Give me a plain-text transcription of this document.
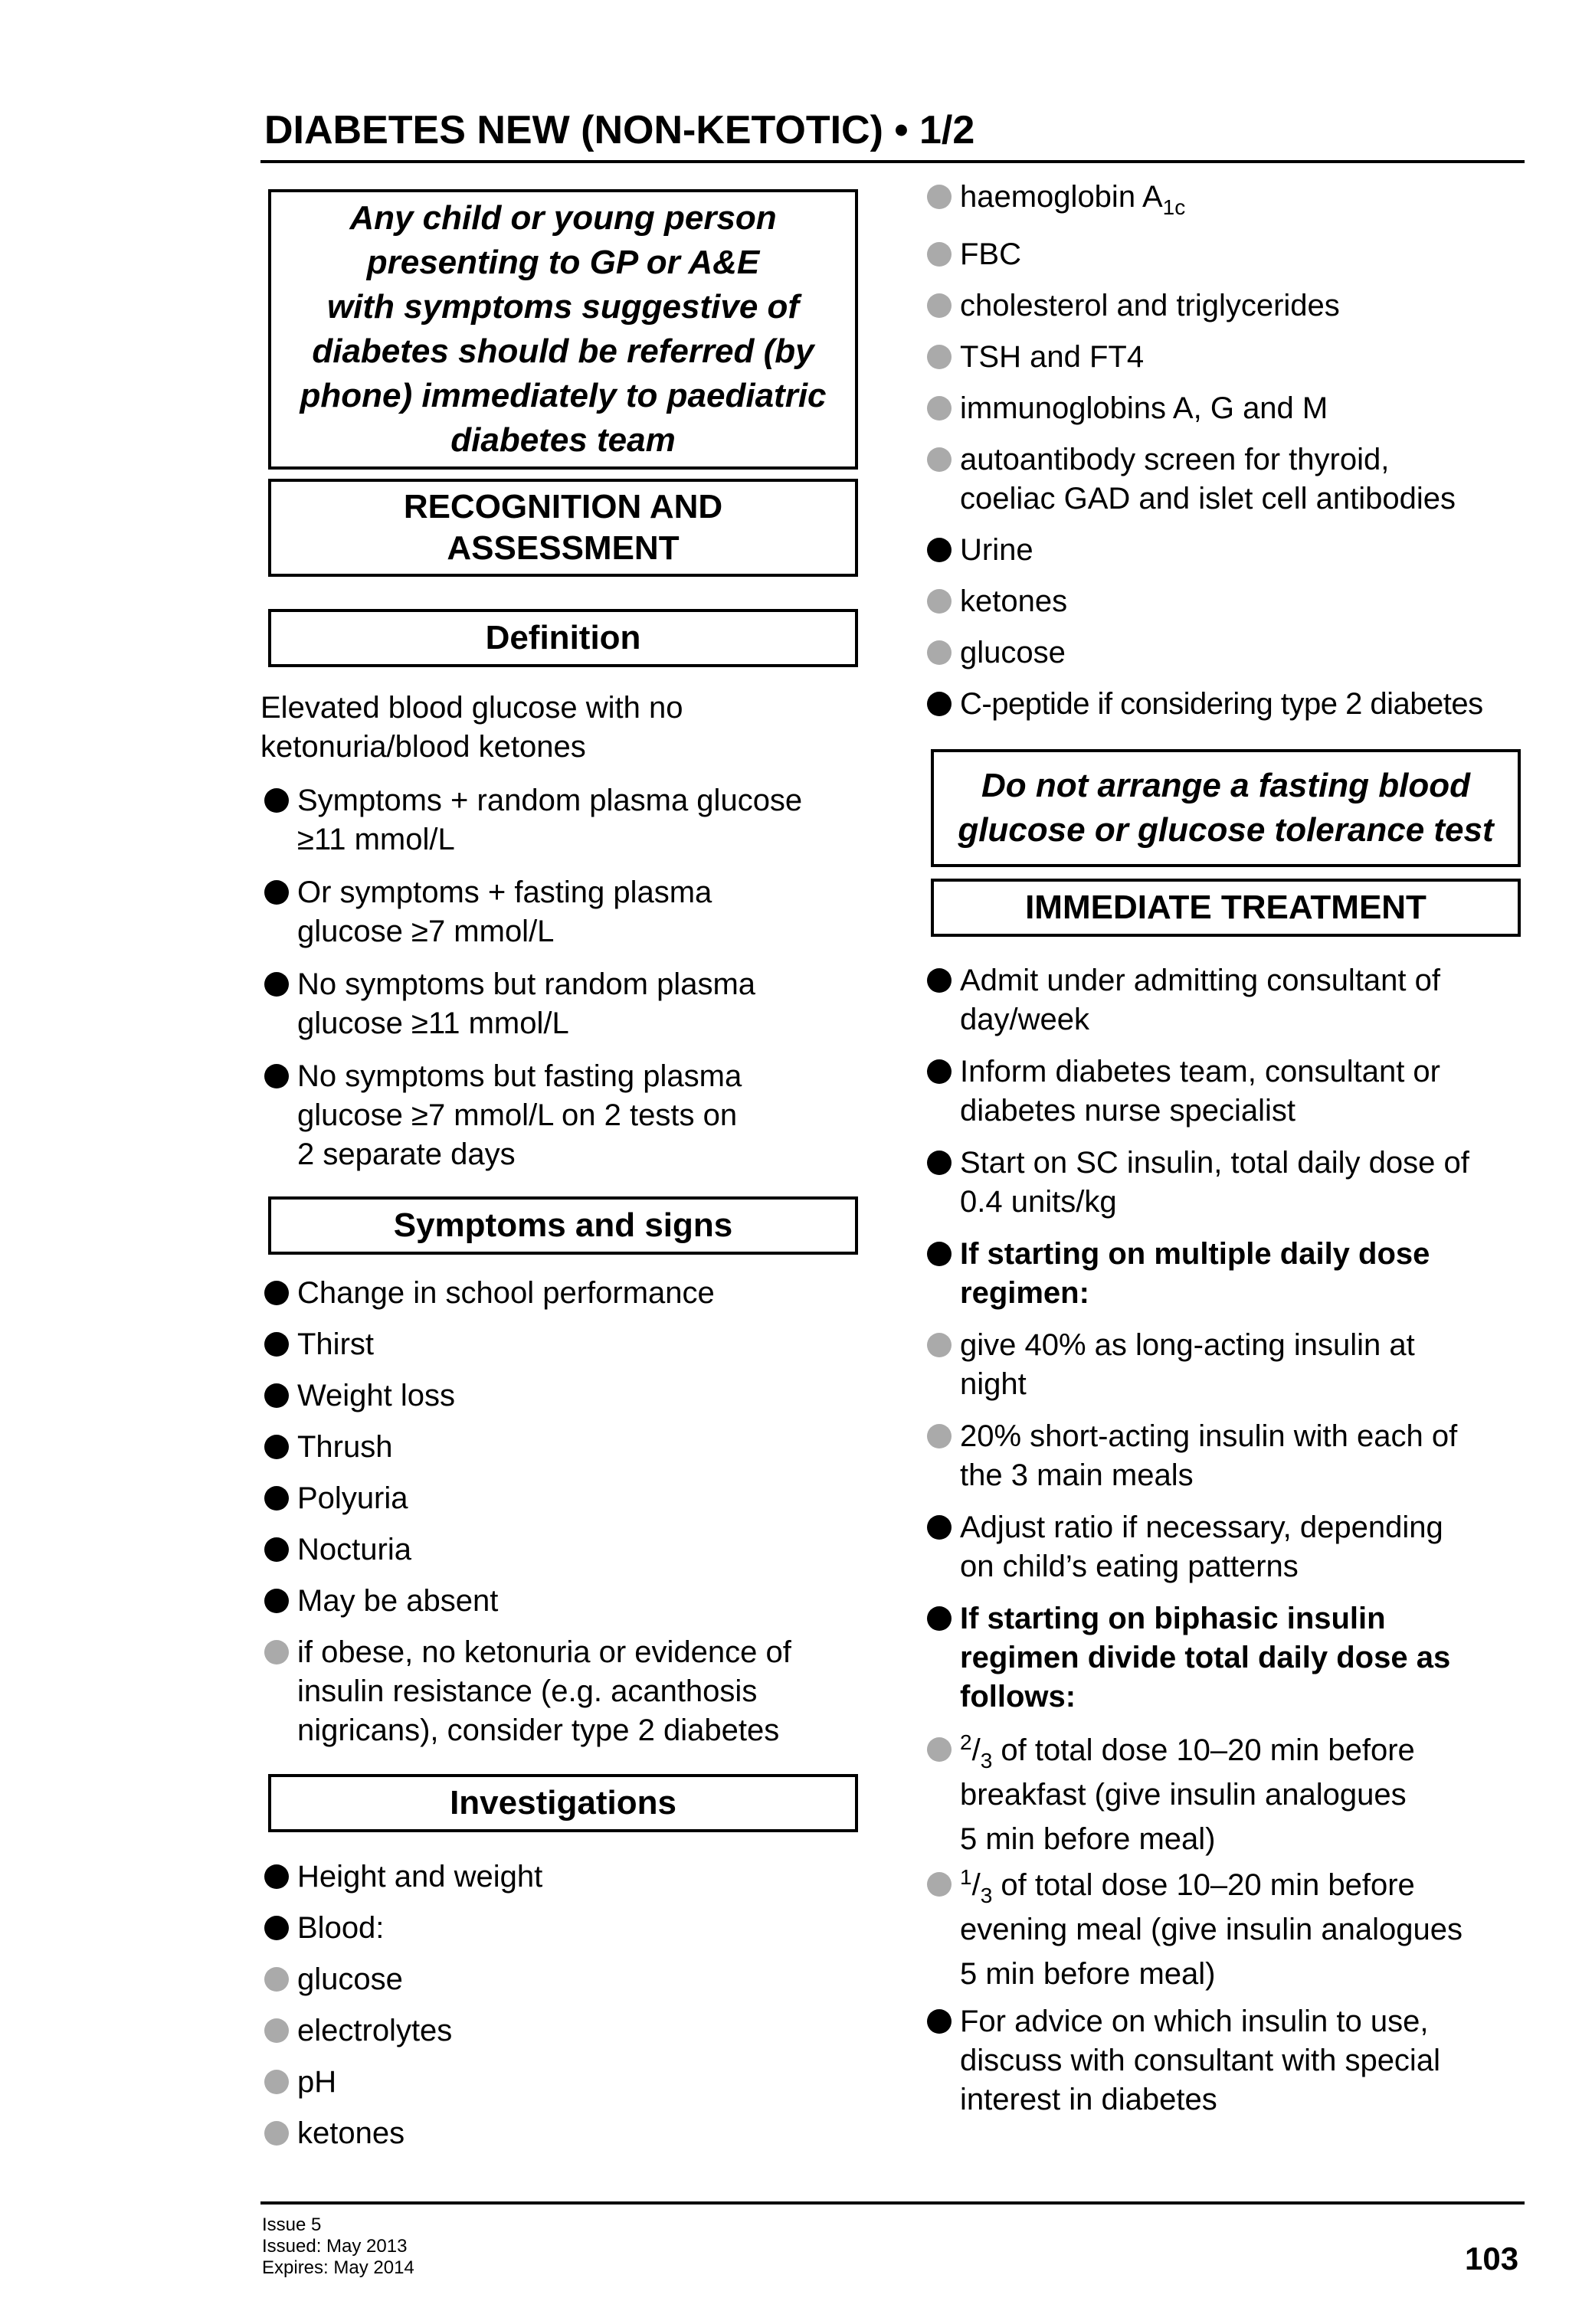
DIABETES NEW (NON-KETOTIC) • 1/2
Any child or young person
presenting to GP or A&E
with symptoms suggestive of
diabetes should be referred (by
phone) immediately to paediatric
diabetes team
RECOGNITION AND
ASSESSMENT
Definition
Elevated blood glucose with no
ketonuria/blood ketones
Symptoms + random plasma glucose
≥11 mmol/L
Or symptoms + fasting plasma
glucose ≥7 mmol/L
No symptoms but random plasma
glucose ≥11 mmol/L
No symptoms but fasting plasma
glucose ≥7 mmol/L on 2 tests on
2 separate days
Symptoms and signs
Change in school performance
Thirst
Weight loss
Thrush
Polyuria
Nocturia
May be absent
if obese, no ketonuria or evidence of
insulin resistance (e.g. acanthosis
nigricans), consider type 2 diabetes
Investigations
Height and weight
Blood:
glucose
electrolytes
pH
ketones
haemoglobin $A_{1c}$
FBC
cholesterol and triglycerides
TSH and FT4
immunoglobins A, G and M
autoantibody screen for thyroid,
coeliac GAD and islet cell antibodies
Urine
ketones
glucose
C-peptide if considering type 2 diabetes
Do not arrange a fasting blood
glucose or glucose tolerance test
IMMEDIATE TREATMENT
Admit under admitting consultant of
day/week
Inform diabetes team, consultant or
diabetes nurse specialist
Start on SC insulin, total daily dose of
0.4 units/kg
If starting on multiple daily dose
regimen:
give 40% as long-acting insulin at
night
20% short-acting insulin with each of
the 3 main meals
Adjust ratio if necessary, depending
on child’s eating patterns
If starting on biphasic insulin
regimen divide total daily dose as
follows:
$^2/_3$ of total dose 10–20 min before
breakfast (give insulin analogues
5 min before meal)
$^1/_3$ of total dose 10–20 min before
evening meal (give insulin analogues
5 min before meal)
For advice on which insulin to use,
discuss with consultant with special
interest in diabetes
Issue 5
Issued: May 2013
Expires: May 2014	103
